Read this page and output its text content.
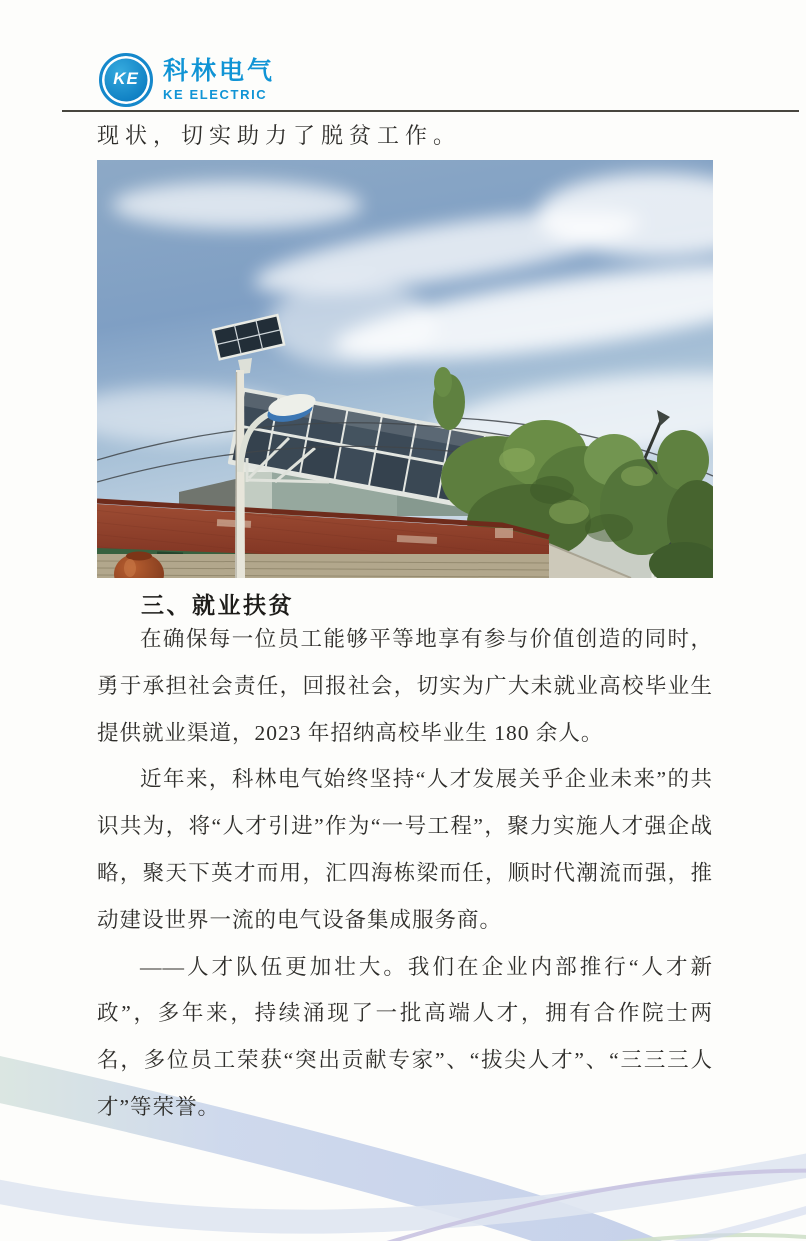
KE 科林电气
KE ELECTRIC
现状，切实助力了脱贫工作。
三、就业扶贫

在确保每一位员工能够平等地享有参与价值创造的同时，勇于承担社会责任，回报社会，切实为广大未就业高校毕业生提供就业渠道，2023 年招纳高校毕业生 180 余人。

近年来，科林电气始终坚持“人才发展关乎企业未来”的共识共为，将“人才引进”作为“一号工程”，聚力实施人才强企战略，聚天下英才而用，汇四海栋梁而任，顺时代潮流而强，推动建设世界一流的电气设备集成服务商。

——人才队伍更加壮大。我们在企业内部推行“人才新政”，多年来，持续涌现了一批高端人才，拥有合作院士两名，多位员工荣获“突出贡献专家”、“拔尖人才”、“三三三人才”等荣誉。
